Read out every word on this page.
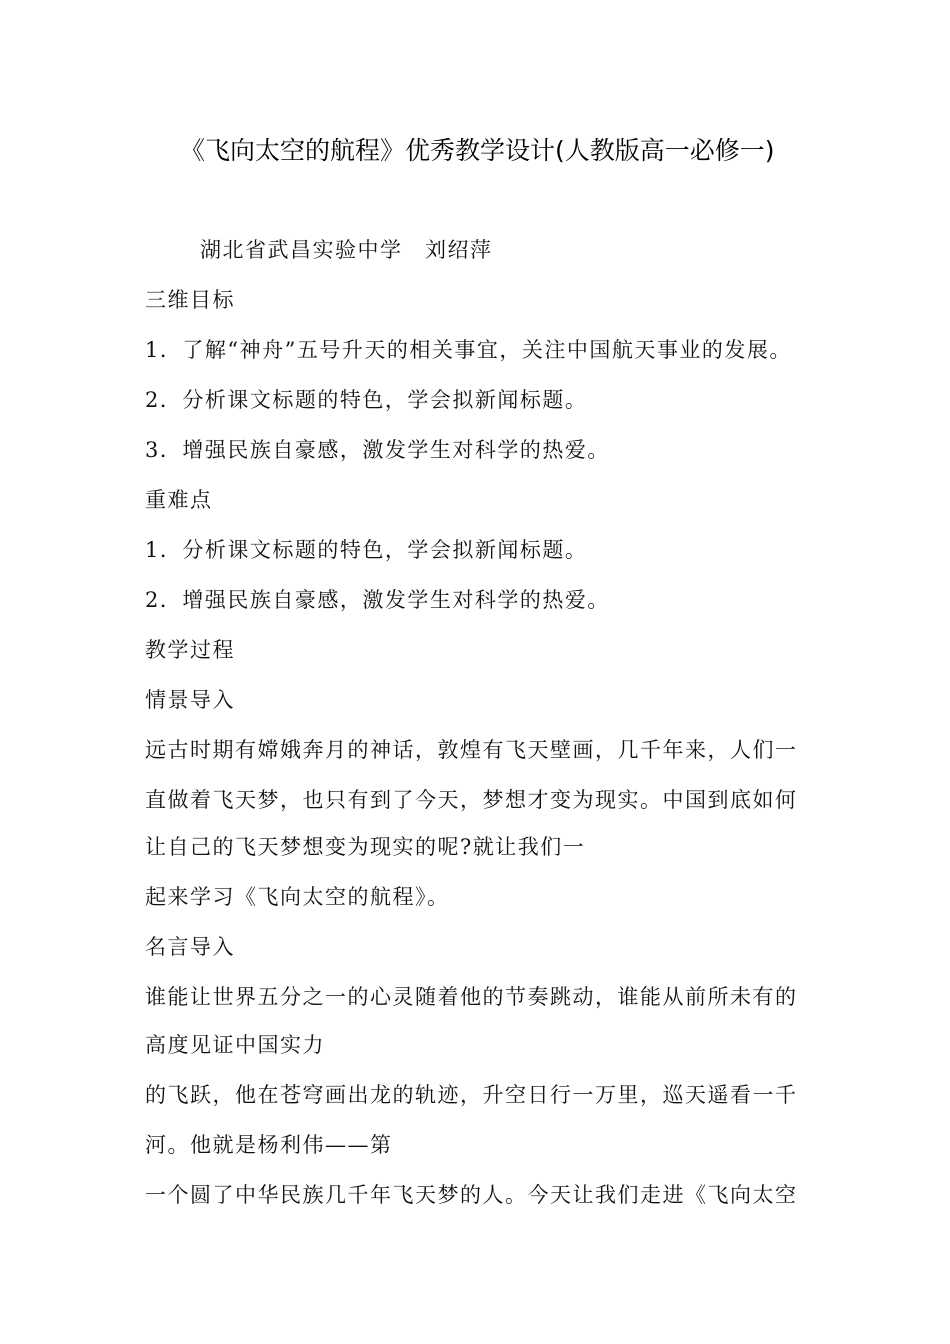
《飞向太空的航程》优秀教学设计(人教版高一必修一)
湖北省武昌实验中学　刘绍萍
三维目标
1．了解“神舟”五号升天的相关事宜，关注中国航天事业的发展。
2．分析课文标题的特色，学会拟新闻标题。
3．增强民族自豪感，激发学生对科学的热爱。
重难点
1．分析课文标题的特色，学会拟新闻标题。
2．增强民族自豪感，激发学生对科学的热爱。
教学过程
情景导入
远古时期有嫦娥奔月的神话，敦煌有飞天壁画，几千年来，人们一
直做着飞天梦，也只有到了今天，梦想才变为现实。中国到底如何
让自己的飞天梦想变为现实的呢?就让我们一
起来学习《飞向太空的航程》。
名言导入
谁能让世界五分之一的心灵随着他的节奏跳动，谁能从前所未有的
高度见证中国实力
的飞跃，他在苍穹画出龙的轨迹，升空日行一万里，巡天遥看一千
河。他就是杨利伟——第
一个圆了中华民族几千年飞天梦的人。今天让我们走进《飞向太空
